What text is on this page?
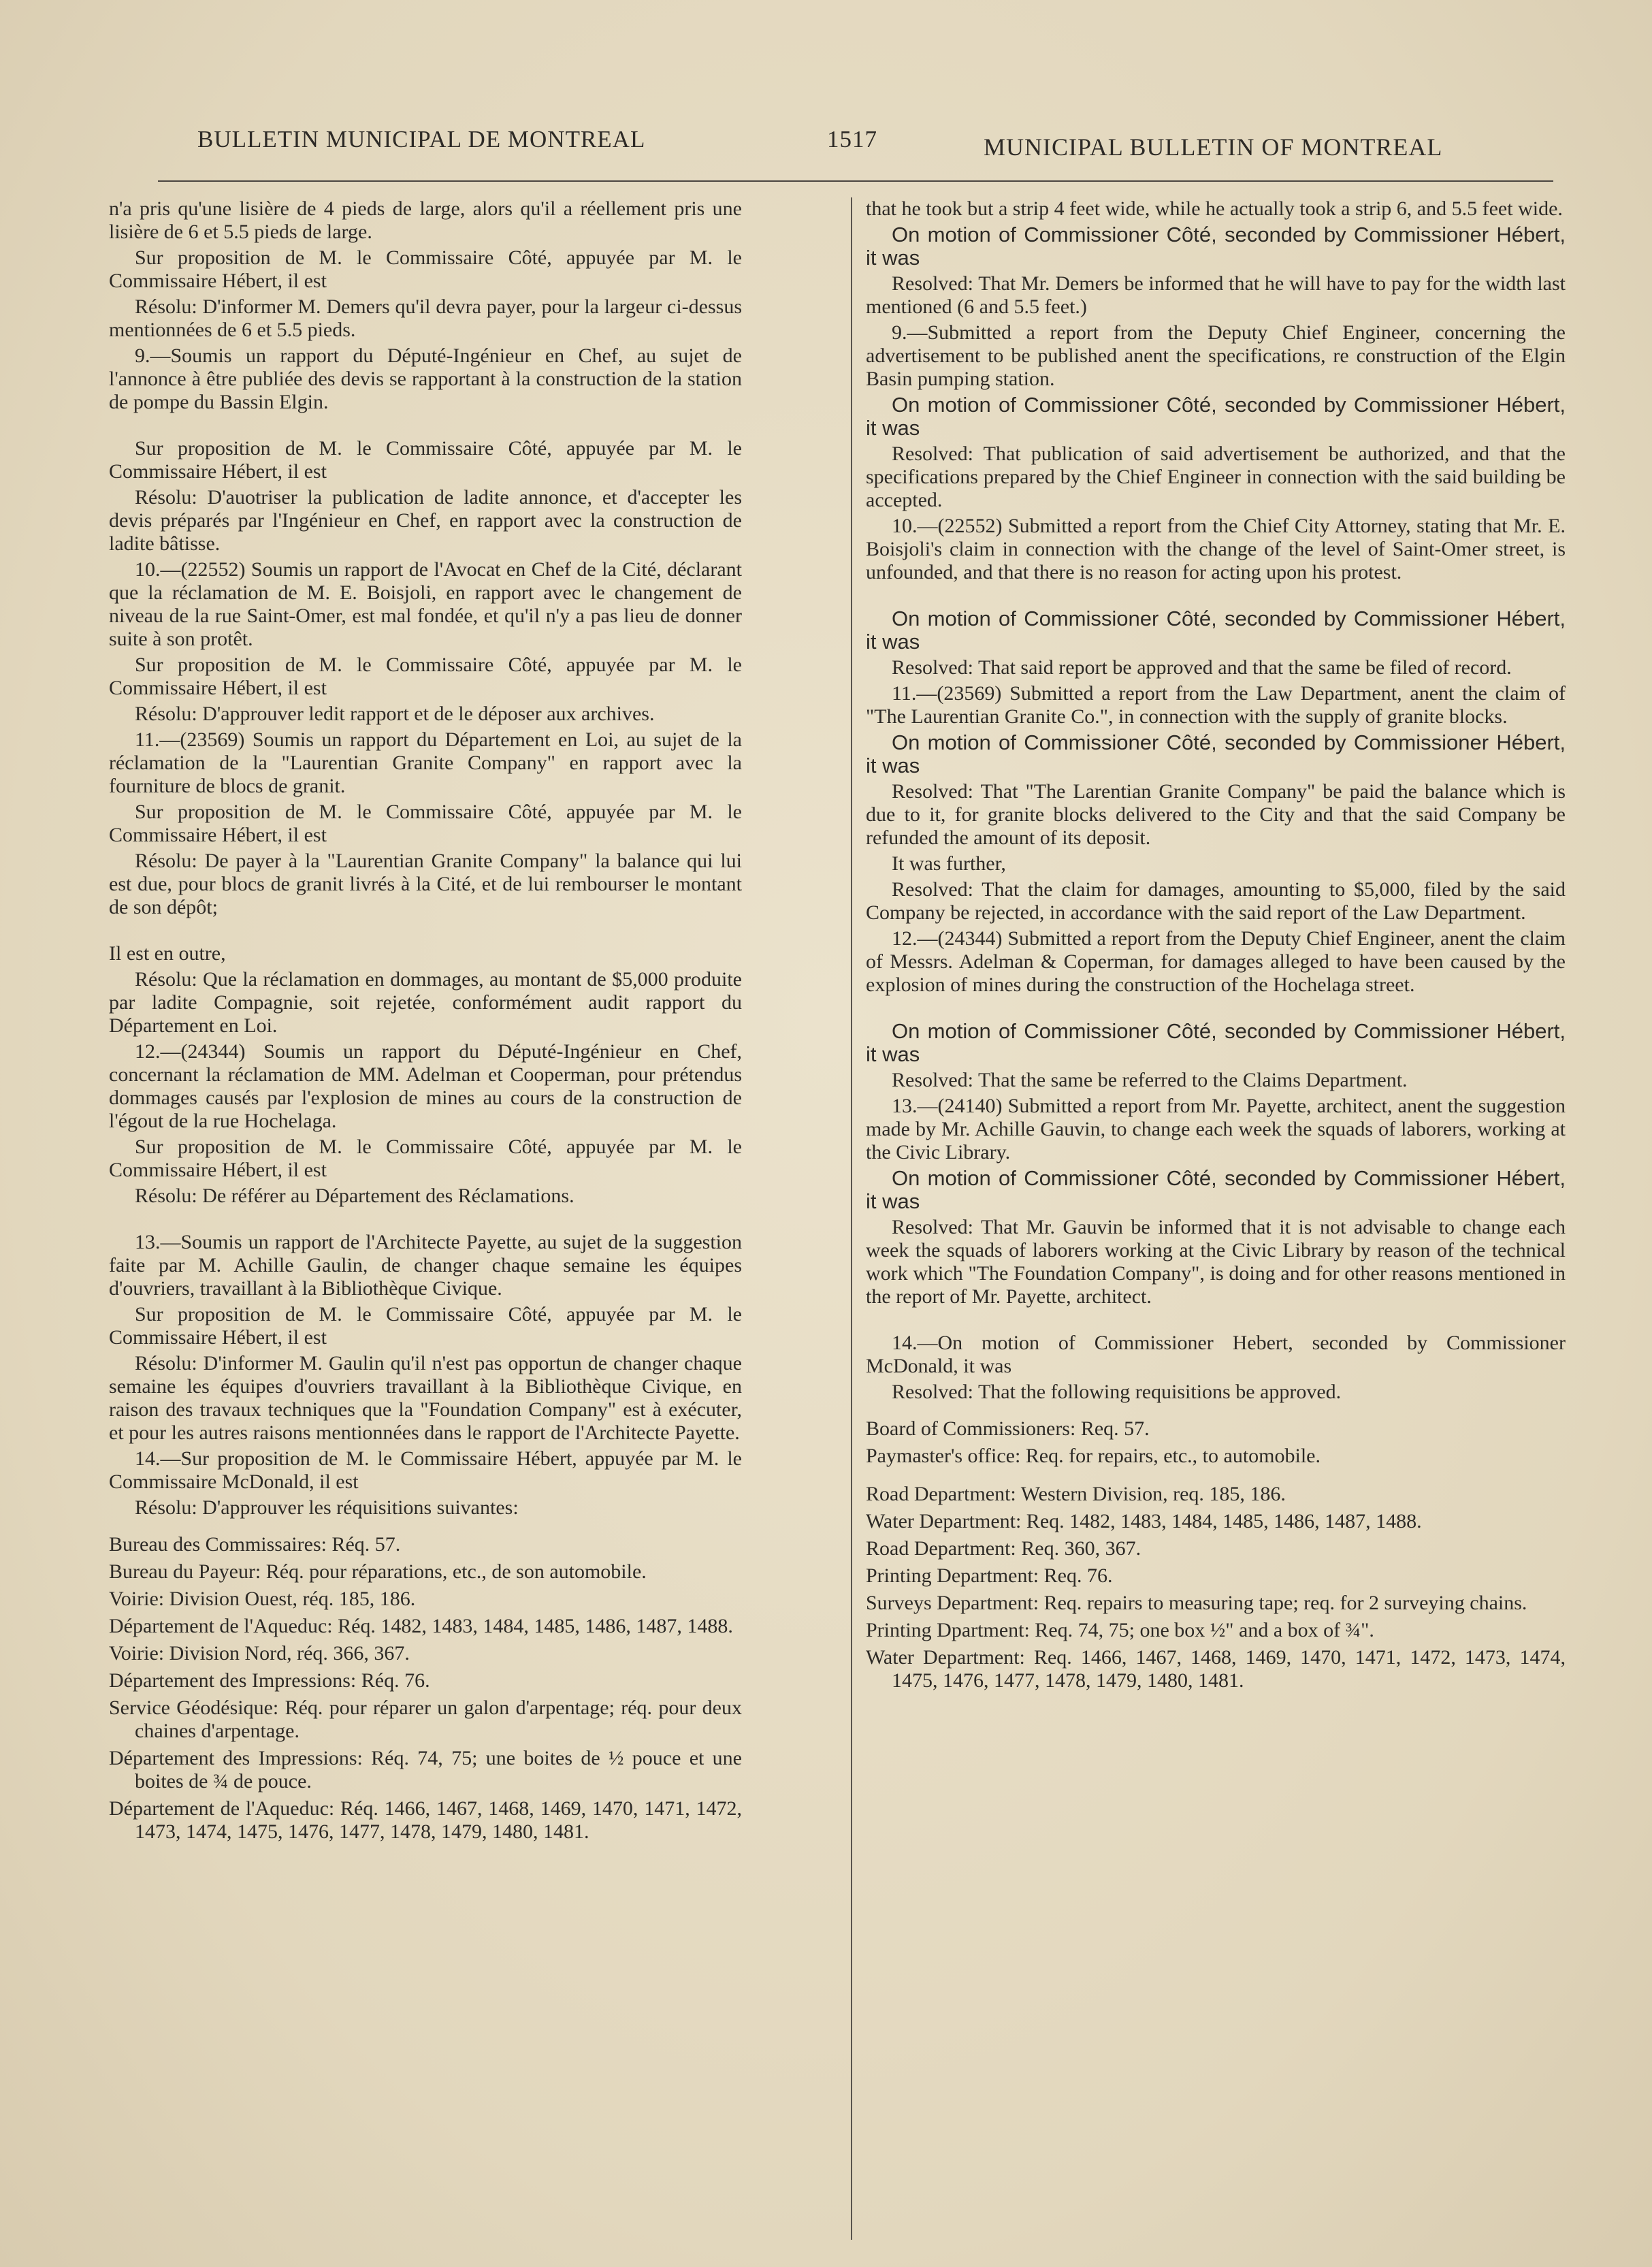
BULLETIN MUNICIPAL DE MONTREAL	1517	MUNICIPAL BULLETIN OF MONTREAL

n'a pris qu'une lisière de 4 pieds de large, alors qu'il a réellement pris une lisière de 6 et 5.5 pieds de large.

Sur proposition de M. le Commissaire Côté, appuyée par M. le Commissaire Hébert, il est

Résolu: D'informer M. Demers qu'il devra payer, pour la largeur ci-dessus mentionnées de 6 et 5.5 pieds.

9.—Soumis un rapport du Député-Ingénieur en Chef, au sujet de l'annonce à être publiée des devis se rapportant à la construction de la station de pompe du Bassin Elgin.

Sur proposition de M. le Commissaire Côté, appuyée par M. le Commissaire Hébert, il est

Résolu: D'auotriser la publication de ladite annonce, et d'accepter les devis préparés par l'Ingénieur en Chef, en rapport avec la construction de ladite bâtisse.

10.—(22552) Soumis un rapport de l'Avocat en Chef de la Cité, déclarant que la réclamation de M. E. Boisjoli, en rapport avec le changement de niveau de la rue Saint-Omer, est mal fondée, et qu'il n'y a pas lieu de donner suite à son protêt.

Sur proposition de M. le Commissaire Côté, appuyée par M. le Commissaire Hébert, il est

Résolu: D'approuver ledit rapport et de le déposer aux archives.

11.—(23569) Soumis un rapport du Département en Loi, au sujet de la réclamation de la "Laurentian Granite Company" en rapport avec la fourniture de blocs de granit.

Sur proposition de M. le Commissaire Côté, appuyée par M. le Commissaire Hébert, il est

Résolu: De payer à la "Laurentian Granite Company" la balance qui lui est due, pour blocs de granit livrés à la Cité, et de lui rembourser le montant de son dépôt;

Il est en outre,

Résolu: Que la réclamation en dommages, au montant de $5,000 produite par ladite Compagnie, soit rejetée, conformément audit rapport du Département en Loi.

12.—(24344) Soumis un rapport du Député-Ingénieur en Chef, concernant la réclamation de MM. Adelman et Cooperman, pour prétendus dommages causés par l'explosion de mines au cours de la construction de l'égout de la rue Hochelaga.

Sur proposition de M. le Commissaire Côté, appuyée par M. le Commissaire Hébert, il est

Résolu: De référer au Département des Réclamations.

13.—Soumis un rapport de l'Architecte Payette, au sujet de la suggestion faite par M. Achille Gaulin, de changer chaque semaine les équipes d'ouvriers, travaillant à la Bibliothèque Civique.

Sur proposition de M. le Commissaire Côté, appuyée par M. le Commissaire Hébert, il est

Résolu: D'informer M. Gaulin qu'il n'est pas opportun de changer chaque semaine les équipes d'ouvriers travaillant à la Bibliothèque Civique, en raison des travaux techniques que la "Foundation Company" est à exécuter, et pour les autres raisons mentionnées dans le rapport de l'Architecte Payette.

14.—Sur proposition de M. le Commissaire Hébert, appuyée par M. le Commissaire McDonald, il est

Résolu: D'approuver les réquisitions suivantes:

Bureau des Commissaires: Réq. 57.

Bureau du Payeur: Réq. pour réparations, etc., de son automobile.

Voirie: Division Ouest, réq. 185, 186.

Département de l'Aqueduc: Réq. 1482, 1483, 1484, 1485, 1486, 1487, 1488.

Voirie: Division Nord, réq. 366, 367.

Département des Impressions: Réq. 76.

Service Géodésique: Réq. pour réparer un galon d'arpentage; réq. pour deux chaines d'arpentage.

Département des Impressions: Réq. 74, 75; une boites de ½ pouce et une boites de ¾ de pouce.

Département de l'Aqueduc: Réq. 1466, 1467, 1468, 1469, 1470, 1471, 1472, 1473, 1474, 1475, 1476, 1477, 1478, 1479, 1480, 1481.

that he took but a strip 4 feet wide, while he actually took a strip 6, and 5.5 feet wide.

On motion of Commissioner Côté, seconded by Commissioner Hébert, it was

Resolved: That Mr. Demers be informed that he will have to pay for the width last mentioned (6 and 5.5 feet.)

9.—Submitted a report from the Deputy Chief Engineer, concerning the advertisement to be published anent the specifications, re construction of the Elgin Basin pumping station.

On motion of Commissioner Côté, seconded by Commissioner Hébert, it was

Resolved: That publication of said advertisement be authorized, and that the specifications prepared by the Chief Engineer in connection with the said building be accepted.

10.—(22552) Submitted a report from the Chief City Attorney, stating that Mr. E. Boisjoli's claim in connection with the change of the level of Saint-Omer street, is unfounded, and that there is no reason for acting upon his protest.

On motion of Commissioner Côté, seconded by Commissioner Hébert, it was

Resolved: That said report be approved and that the same be filed of record.

11.—(23569) Submitted a report from the Law Department, anent the claim of "The Laurentian Granite Co.", in connection with the supply of granite blocks.

On motion of Commissioner Côté, seconded by Commissioner Hébert, it was

Resolved: That "The Larentian Granite Company" be paid the balance which is due to it, for granite blocks delivered to the City and that the said Company be refunded the amount of its deposit.

It was further,

Resolved: That the claim for damages, amounting to $5,000, filed by the said Company be rejected, in accordance with the said report of the Law Department.

12.—(24344) Submitted a report from the Deputy Chief Engineer, anent the claim of Messrs. Adelman & Coperman, for damages alleged to have been caused by the explosion of mines during the construction of the Hochelaga street.

On motion of Commissioner Côté, seconded by Commissioner Hébert, it was

Resolved: That the same be referred to the Claims Department.

13.—(24140) Submitted a report from Mr. Payette, architect, anent the suggestion made by Mr. Achille Gauvin, to change each week the squads of laborers, working at the Civic Library.

On motion of Commissioner Côté, seconded by Commissioner Hébert, it was

Resolved: That Mr. Gauvin be informed that it is not advisable to change each week the squads of laborers working at the Civic Library by reason of the technical work which "The Foundation Company", is doing and for other reasons mentioned in the report of Mr. Payette, architect.

14.—On motion of Commissioner Hebert, seconded by Commissioner McDonald, it was

Resolved: That the following requisitions be approved.

Board of Commissioners: Req. 57.

Paymaster's office: Req. for repairs, etc., to automobile.

Road Department: Western Division, req. 185, 186.

Water Department: Req. 1482, 1483, 1484, 1485, 1486, 1487, 1488.

Road Department: Req. 360, 367.

Printing Department: Req. 76.

Surveys Department: Req. repairs to measuring tape; req. for 2 surveying chains.

Printing Dpartment: Req. 74, 75; one box ½" and a box of ¾".

Water Department: Req. 1466, 1467, 1468, 1469, 1470, 1471, 1472, 1473, 1474, 1475, 1476, 1477, 1478, 1479, 1480, 1481.
